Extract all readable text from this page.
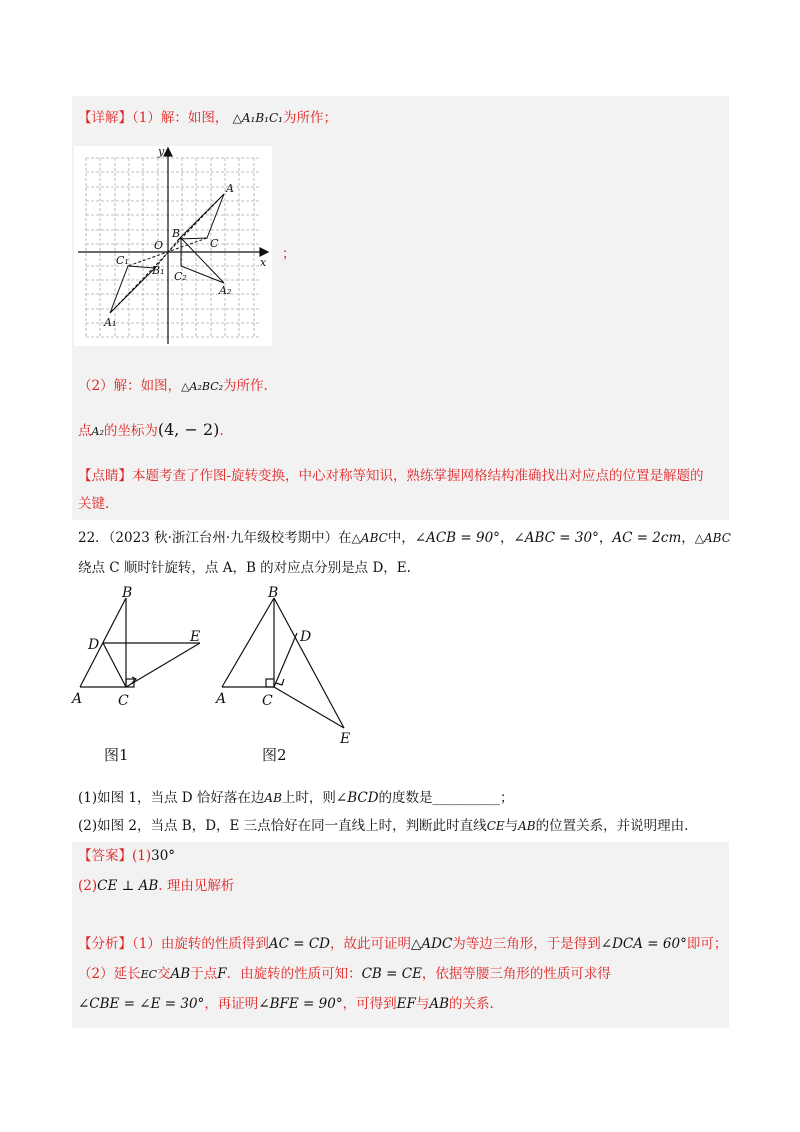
【详解】（1）解：如图， △A₁B₁C₁为所作；
y
x
O
A
B
C
A₁
B₁
C₁
A₂
C₂
；
（2）解：如图，△A₂BC₂为所作.
点A₂的坐标为(4, − 2).
【点睛】本题考查了作图-旋转变换，中心对称等知识，熟练掌握网格结构准确找出对应点的位置是解题的
关键.
22．（2023 秋·浙江台州·九年级校考期中）在△ABC中，∠ACB = 90°，∠ABC = 30°，AC = 2cm，△ABC
绕点 C 顺时针旋转，点 A，B 的对应点分别是点 D，E.
B
D	E
A	C
图1
B
D
E
A	C
图2
(1)如图 1，当点 D 恰好落在边AB上时，则∠BCD的度数是__________；
(2)如图 2，当点 B，D，E 三点恰好在同一直线上时，判断此时直线CE与AB的位置关系，并说明理由.
【答案】(1)30°
(2)CE ⊥ AB. 理由见解析
【分析】（1）由旋转的性质得到AC = CD，故此可证明△ADC为等边三角形，于是得到∠DCA = 60°即可；
（2）延长EC交AB于点F．由旋转的性质可知：CB = CE，依据等腰三角形的性质可求得
∠CBE = ∠E = 30°，再证明∠BFE = 90°，可得到EF与AB的关系.
